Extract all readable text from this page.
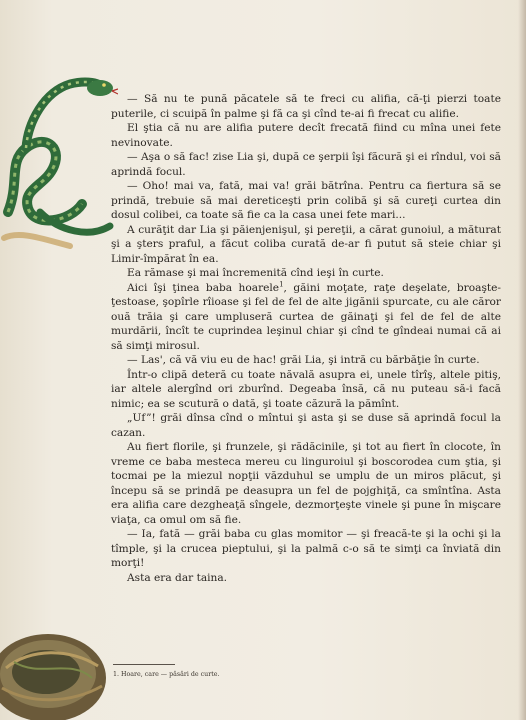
— Să nu te pună păcatele să te freci cu alifia, că-ţi pierzi toate puterile, ci scuipă în palme şi fă ca şi cînd te-ai fi frecat cu alifie.

El ştia că nu are alifia putere decît frecată fiind cu mîna unei fete nevinovate.

— Aşa o să fac! zise Lia şi, după ce şerpii îşi făcură şi ei rîndul, voi să aprindă focul.

— Oho! mai va, fată, mai va! grăi bătrîna. Pentru ca fiertura să se prindă, trebuie să mai dereticeşti prin colibă şi să cureţi curtea din dosul colibei, ca toate să fie ca la casa unei fete mari...

A curăţit dar Lia şi păienjenişul, şi pereţii, a cărat gunoiul, a măturat şi a şters praful, a făcut coliba curată de-ar fi putut să steie chiar şi Limir-împărat în ea.

Ea rămase şi mai încremenită cînd ieşi în curte.

Aici îşi ţinea baba hoarele$^1$, găini moţate, raţe deşelate, broaşte-ţestoase, şopîrle rîioase şi fel de fel de alte jigănii spurcate, cu ale căror ouă trăia şi care umpluseră curtea de găinaţi şi fel de fel de alte murdării, încît te cuprindea leşinul chiar şi cînd te gîndeai numai că ai să simţi mirosul.

— Las', că vă viu eu de hac! grăi Lia, şi intră cu bărbăţie în curte.

Într-o clipă deteră cu toate năvală asupra ei, unele tîrîş, altele pitiş, iar altele alergînd ori zburînd. Degeaba însă, că nu puteau să-i facă nimic; ea se scutură o dată, şi toate căzură la pămînt.

„Uf”! grăi dînsa cînd o mîntui şi asta şi se duse să aprindă focul la cazan.

Au fiert florile, şi frunzele, şi rădăcinile, şi tot au fiert în clocote, în vreme ce baba mesteca mereu cu linguroiul şi boscorodea cum ştia, şi tocmai pe la miezul nopţii văzduhul se umplu de un miros plăcut, şi începu să se prindă pe deasupra un fel de pojghiţă, ca smîntîna. Asta era alifia care dezgheaţă sîngele, dezmorţeşte vinele şi pune în mişcare viaţa, ca omul om să fie.

— Ia, fată — grăi baba cu glas momitor — şi freacă-te şi la ochi şi la tîmple, şi la crucea pieptului, şi la palmă c-o să te simţi ca înviată din morţi!

Asta era dar taina.

1. Hoare, care — păsări de curte.
